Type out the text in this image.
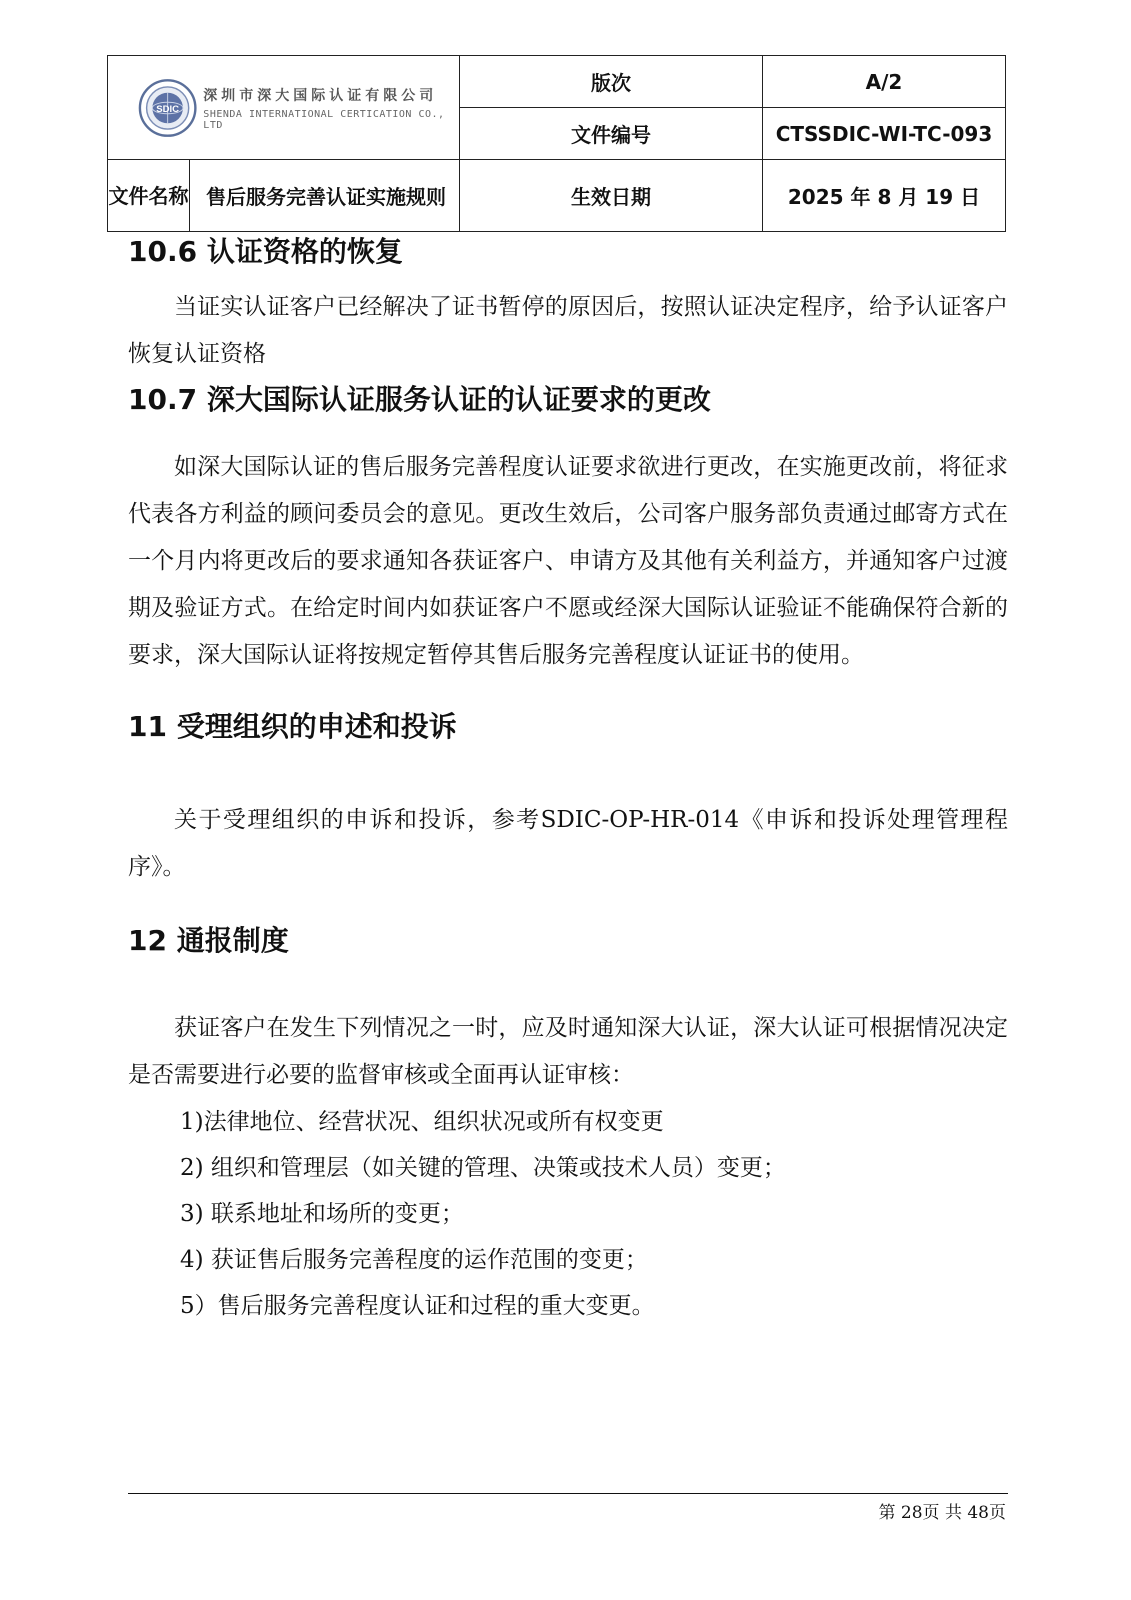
SDIC
深圳市深大国际认证有限公司
SHENDA INTERNATIONAL CERTICATION CO., LTD		版次	A/2
		文件编号	CTSSDIC-WI-TC-093
文件名称	售后服务完善认证实施规则	生效日期	2025 年 8 月 19 日
10.6 认证资格的恢复

当证实认证客户已经解决了证书暂停的原因后，按照认证决定程序，给予认证客户恢复认证资格

10.7 深大国际认证服务认证的认证要求的更改

如深大国际认证的售后服务完善程度认证要求欲进行更改，在实施更改前，将征求代表各方利益的顾问委员会的意见。更改生效后，公司客户服务部负责通过邮寄方式在一个月内将更改后的要求通知各获证客户、申请方及其他有关利益方，并通知客户过渡期及验证方式。在给定时间内如获证客户不愿或经深大国际认证验证不能确保符合新的要求，深大国际认证将按规定暂停其售后服务完善程度认证证书的使用。

11 受理组织的申述和投诉

关于受理组织的申诉和投诉，参考SDIC-OP-HR-014《申诉和投诉处理管理程序》。

12 通报制度

获证客户在发生下列情况之一时，应及时通知深大认证，深大认证可根据情况决定是否需要进行必要的监督审核或全面再认证审核：

1)法律地位、经营状况、组织状况或所有权变更

2) 组织和管理层（如关键的管理、决策或技术人员）变更；

3) 联系地址和场所的变更；

4) 获证售后服务完善程度的运作范围的变更；

5）售后服务完善程度认证和过程的重大变更。

第 28页 共 48页
